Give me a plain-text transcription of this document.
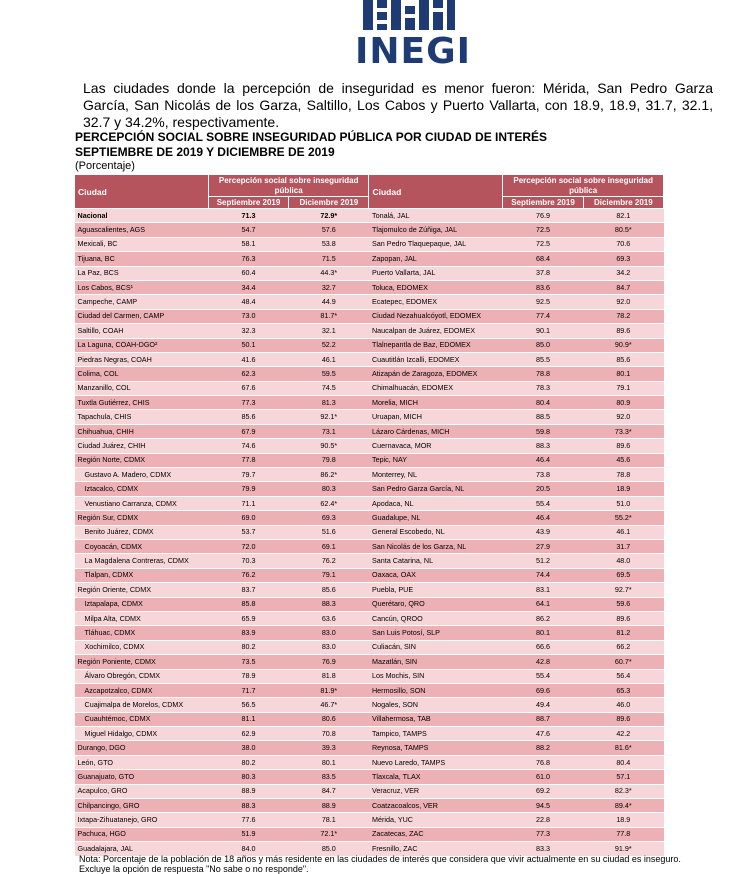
INEGI
Las ciudades donde la percepción de inseguridad es menor fueron: Mérida, San Pedro Garza García, San Nicolás de los Garza, Saltillo, Los Cabos y Puerto Vallarta, con 18.9, 18.9, 31.7, 32.1, 32.7 y 34.2%, respectivamente.
PERCEPCIÓN SOCIAL SOBRE INSEGURIDAD PÚBLICA POR CIUDAD DE INTERÉS
SEPTIEMBRE DE 2019 Y DICIEMBRE DE 2019
(Porcentaje)
Ciudad	Percepción social sobre inseguridad pública		Ciudad	Percepción social sobre inseguridad pública	
	Septiembre 2019	Diciembre 2019		Septiembre 2019	Diciembre 2019
Nacional	71.3	72.9*	Tonalá, JAL	76.9	82.1
Aguascalientes, AGS	54.7	57.6	Tlajomulco de Zúñiga, JAL	72.5	80.5*
Mexicali, BC	58.1	53.8	San Pedro Tlaquepaque, JAL	72.5	70.6
Tijuana, BC	76.3	71.5	Zapopan, JAL	68.4	69.3
La Paz, BCS	60.4	44.3*	Puerto Vallarta, JAL	37.8	34.2
Los Cabos, BCS¹	34.4	32.7	Toluca, EDOMEX	83.6	84.7
Campeche, CAMP	48.4	44.9	Ecatepec, EDOMEX	92.5	92.0
Ciudad del Carmen, CAMP	73.0	81.7*	Ciudad Nezahualcóyotl, EDOMEX	77.4	78.2
Saltillo, COAH	32.3	32.1	Naucalpan de Juárez, EDOMEX	90.1	89.6
La Laguna, COAH-DGO²	50.1	52.2	Tlalnepantla de Baz, EDOMEX	85.0	90.9*
Piedras Negras, COAH	41.6	46.1	Cuautitlán Izcalli, EDOMEX	85.5	85.6
Colima, COL	62.3	59.5	Atizapán de Zaragoza, EDOMEX	78.8	80.1
Manzanillo, COL	67.6	74.5	Chimalhuacán, EDOMEX	78.3	79.1
Tuxtla Gutiérrez, CHIS	77.3	81.3	Morelia, MICH	80.4	80.9
Tapachula, CHIS	85.6	92.1*	Uruapan, MICH	88.5	92.0
Chihuahua, CHIH	67.9	73.1	Lázaro Cárdenas, MICH	59.8	73.3*
Ciudad Juárez, CHIH	74.6	90.5*	Cuernavaca, MOR	88.3	89.6
Región Norte, CDMX	77.8	79.8	Tepic, NAY	46.4	45.6
Gustavo A. Madero, CDMX	79.7	86.2*	Monterrey, NL	73.8	78.8
Iztacalco, CDMX	79.9	80.3	San Pedro Garza García, NL	20.5	18.9
Venustiano Carranza, CDMX	71.1	62.4*	Apodaca, NL	55.4	51.0
Región Sur, CDMX	69.0	69.3	Guadalupe, NL	46.4	55.2*
Benito Juárez, CDMX	53.7	51.6	General Escobedo, NL	43.9	46.1
Coyoacán, CDMX	72.0	69.1	San Nicolás de los Garza, NL	27.9	31.7
La Magdalena Contreras, CDMX	70.3	76.2	Santa Catarina, NL	51.2	48.0
Tlalpan, CDMX	76.2	79.1	Oaxaca, OAX	74.4	69.5
Región Oriente, CDMX	83.7	85.6	Puebla, PUE	83.1	92.7*
Iztapalapa, CDMX	85.8	88.3	Querétaro, QRO	64.1	59.6
Milpa Alta, CDMX	65.9	63.6	Cancún, QROO	86.2	89.6
Tláhuac, CDMX	83.9	83.0	San Luis Potosí, SLP	80.1	81.2
Xochimilco, CDMX	80.2	83.0	Culiacán, SIN	66.6	66.2
Región Poniente, CDMX	73.5	76.9	Mazatlán, SIN	42.8	60.7*
Álvaro Obregón, CDMX	78.9	81.8	Los Mochis, SIN	55.4	56.4
Azcapotzalco, CDMX	71.7	81.9*	Hermosillo, SON	69.6	65.3
Cuajimalpa de Morelos, CDMX	56.5	46.7*	Nogales, SON	49.4	46.0
Cuauhtémoc, CDMX	81.1	80.6	Villahermosa, TAB	88.7	89.6
Miguel Hidalgo, CDMX	62.9	70.8	Tampico, TAMPS	47.6	42.2
Durango, DGO	38.0	39.3	Reynosa, TAMPS	88.2	81.6*
León, GTO	80.2	80.1	Nuevo Laredo, TAMPS	76.8	80.4
Guanajuato, GTO	80.3	83.5	Tlaxcala, TLAX	61.0	57.1
Acapulco, GRO	88.9	84.7	Veracruz, VER	69.2	82.3*
Chilpancingo, GRO	88.3	88.9	Coatzacoalcos, VER	94.5	89.4*
Ixtapa-Zihuatanejo, GRO	77.6	78.1	Mérida, YUC	22.8	18.9
Pachuca, HGO	51.9	72.1*	Zacatecas, ZAC	77.3	77.8
Guadalajara, JAL	84.0	85.0	Fresnillo, ZAC	83.3	91.9*
Nota: Porcentaje de la población de 18 años y más residente en las ciudades de interés que considera que vivir actualmente en su ciudad es inseguro. Excluye la opción de respuesta "No sabe o no responde".
